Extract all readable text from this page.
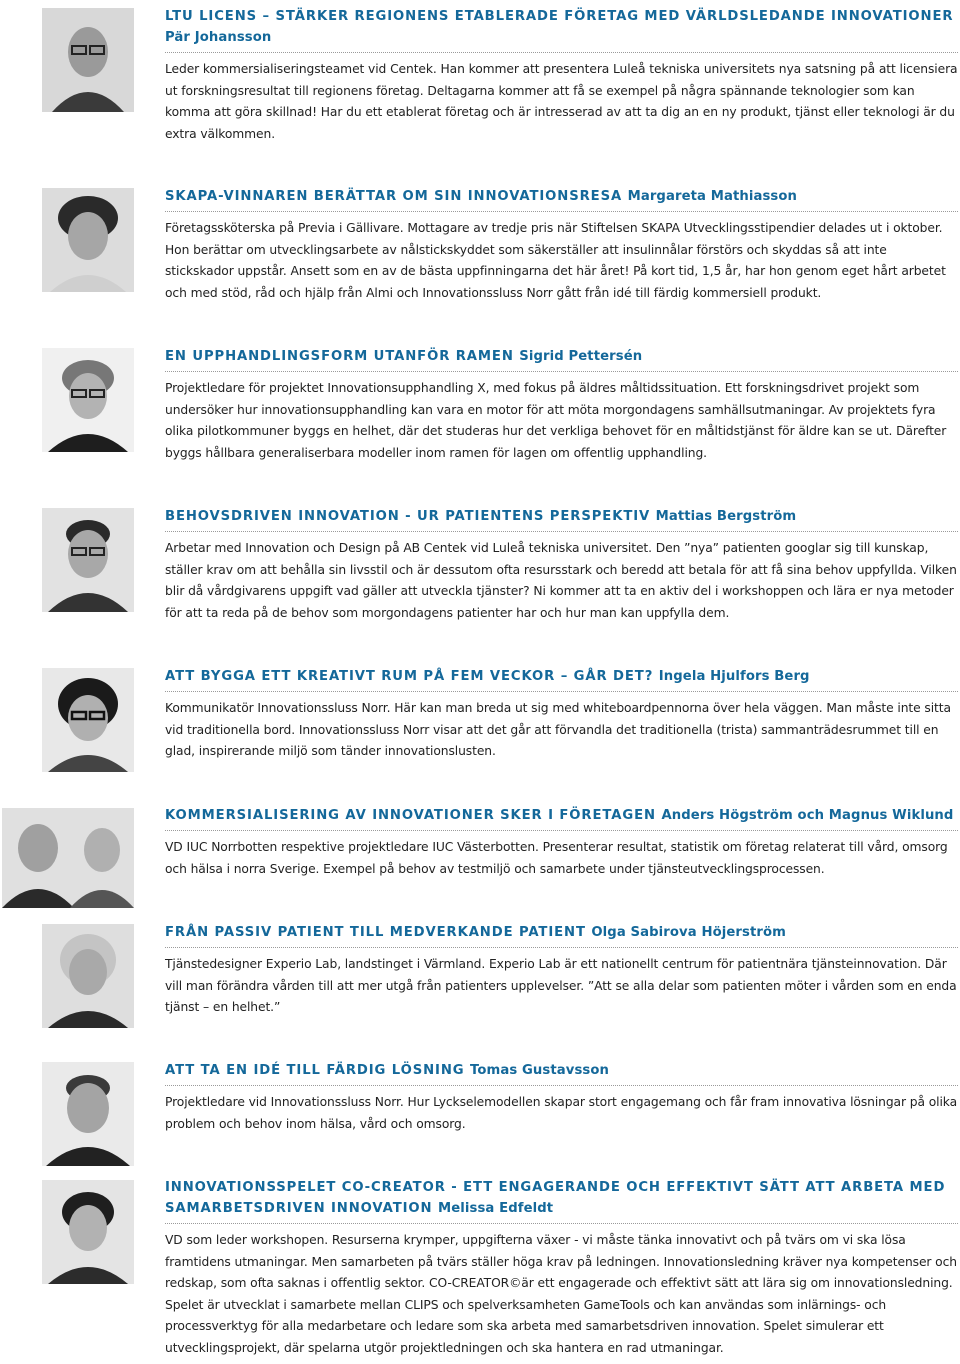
LTU LICENS – STÄRKER REGIONENS ETABLERADE FÖRETAG MED VÄRLDSLEDANDE INNOVATIONER
Pär Johansson

Leder kommersialiseringsteamet vid Centek. Han kommer att presentera Luleå tekniska universitets nya satsning på att licensiera ut forskningsresultat till regionens företag. Deltagarna kommer att få se exempel på några spännande teknologier som kan komma att göra skillnad! Har du ett etablerat företag och är intresserad av att ta dig an en ny produkt, tjänst eller teknologi är du extra välkommen.

SKAPA-VINNAREN BERÄTTAR OM SIN INNOVATIONSRESA Margareta Mathiasson

Företagssköterska på Previa i Gällivare. Mottagare av tredje pris när Stiftelsen SKAPA Utvecklingsstipendier delades ut i oktober. Hon berättar om utvecklingsarbete av nålstickskyddet som säkerställer att insulinnålar förstörs och skyddas så att inte stickskador uppstår. Ansett som en av de bästa uppfinningarna det här året! På kort tid, 1,5 år, har hon genom eget hårt arbetet och med stöd, råd och hjälp från Almi och Innovationssluss Norr gått från idé till färdig kommersiell produkt.

EN UPPHANDLINGSFORM UTANFÖR RAMEN Sigrid Pettersén

Projektledare för projektet Innovationsupphandling X, med fokus på äldres måltidssituation. Ett forskningsdrivet projekt som undersöker hur innovationsupphandling kan vara en motor för att möta morgondagens samhällsutmaningar. Av projektets fyra olika pilotkommuner byggs en helhet, där det studeras hur det verkliga behovet för en måltidstjänst för äldre kan se ut. Därefter byggs hållbara generaliserbara modeller inom ramen för lagen om offentlig upphandling.

BEHOVSDRIVEN INNOVATION - UR PATIENTENS PERSPEKTIV Mattias Bergström

Arbetar med Innovation och Design på AB Centek vid Luleå tekniska universitet. Den ”nya” patienten googlar sig till kunskap, ställer krav om att behålla sin livsstil och är dessutom ofta resursstark och beredd att betala för att få sina behov uppfyllda. Vilken blir då vårdgivarens uppgift vad gäller att utveckla tjänster? Ni kommer att ta en aktiv del i workshoppen och lära er nya metoder för att ta reda på de behov som morgondagens patienter har och hur man kan uppfylla dem.

ATT BYGGA ETT KREATIVT RUM PÅ FEM VECKOR – GÅR DET? Ingela Hjulfors Berg

Kommunikatör Innovationssluss Norr. Här kan man breda ut sig med whiteboardpennorna över hela väggen. Man måste inte sitta vid traditionella bord. Innovationssluss Norr visar att det går att förvandla det traditionella (trista) sammanträdesrummet till en glad, inspirerande miljö som tänder innovationslusten.

KOMMERSIALISERING AV INNOVATIONER SKER I FÖRETAGEN Anders Högström och Magnus Wiklund

VD IUC Norrbotten respektive projektledare IUC Västerbotten. Presenterar resultat, statistik om företag relaterat till vård, omsorg och hälsa i norra Sverige. Exempel på behov av testmiljö och samarbete under tjänsteutvecklingsprocessen.

FRÅN PASSIV PATIENT TILL MEDVERKANDE PATIENT Olga Sabirova Höjerström

Tjänstedesigner Experio Lab, landstinget i Värmland. Experio Lab är ett nationellt centrum för patientnära tjänsteinnovation. Där vill man förändra vården till att mer utgå från patienters upplevelser. ”Att se alla delar som patienten möter i vården som en enda tjänst – en helhet.”

ATT TA EN IDÉ TILL FÄRDIG LÖSNING Tomas Gustavsson

Projektledare vid Innovationssluss Norr. Hur Lyckselemodellen skapar stort engagemang och får fram innovativa lösningar på olika problem och behov inom hälsa, vård och omsorg.

INNOVATIONSSPELET CO-CREATOR - ETT ENGAGERANDE OCH EFFEKTIVT SÄTT ATT ARBETA MED SAMARBETSDRIVEN INNOVATION Melissa Edfeldt

VD som leder workshopen. Resurserna krymper, uppgifterna växer - vi måste tänka innovativt och på tvärs om vi ska lösa framtidens utmaningar. Men samarbeten på tvärs ställer höga krav på ledningen. Innovationsledning kräver nya kompetenser och redskap, som ofta saknas i offentlig sektor. CO-CREATOR©är ett engagerade och effektivt sätt att lära sig om innovationsledning. Spelet är utvecklat i samarbete mellan CLIPS och spelverksamheten GameTools och kan användas som inlärnings- och processverktyg för alla medarbetare och ledare som ska arbeta med samarbetsdriven innovation. Spelet simulerar ett utvecklingsprojekt, där spelarna utgör projektledningen och ska hantera en rad utmaningar.
